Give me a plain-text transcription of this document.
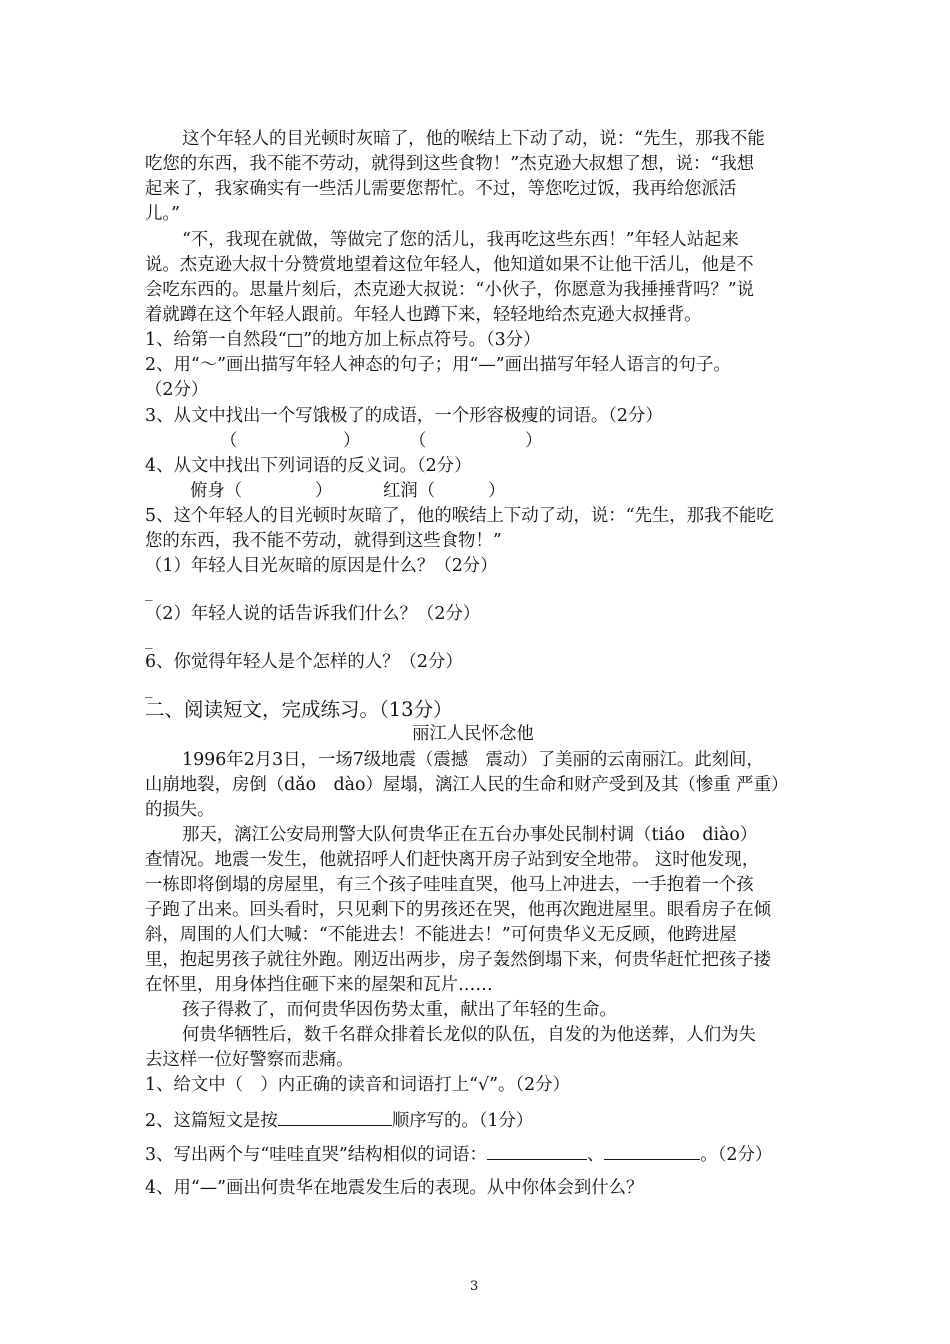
这个年轻人的目光顿时灰暗了，他的喉结上下动了动，说：“先生，那我不能
吃您的东西，我不能不劳动，就得到这些食物！”杰克逊大叔想了想，说：“我想
起来了，我家确实有一些活儿需要您帮忙。不过，等您吃过饭，我再给您派活
儿。”
“不，我现在就做，等做完了您的活儿，我再吃这些东西！”年轻人站起来
说。杰克逊大叔十分赞赏地望着这位年轻人，他知道如果不让他干活儿，他是不
会吃东西的。思量片刻后，杰克逊大叔说：“小伙子，你愿意为我捶捶背吗？”说
着就蹲在这个年轻人跟前。年轻人也蹲下来，轻轻地给杰克逊大叔捶背。
1、给第一自然段“□”的地方加上标点符号。（3分）
2、用“～”画出描写年轻人神态的句子；用“—”画出描写年轻人语言的句子。
（2分）
3、从文中找出一个写饿极了的成语，一个形容极瘦的词语。（2分）
（	）	（	）
4、从文中找出下列词语的反义词。（2分）
俯身（	）	红润（	）
5、这个年轻人的目光顿时灰暗了，他的喉结上下动了动，说：“先生，那我不能吃
您的东西，我不能不劳动，就得到这些食物！”
（1）年轻人目光灰暗的原因是什么？（2分）
_
（2）年轻人说的话告诉我们什么？（2分）
_
6、你觉得年轻人是个怎样的人？（2分）
_
二、阅读短文，完成练习。（13分）
丽江人民怀念他
1996年2月3日，一场7级地震（震撼　震动）了美丽的云南丽江。此刻间，
山崩地裂，房倒（dǎo　dào）屋塌，漓江人民的生命和财产受到及其（惨重 严重）
的损失。
那天，漓江公安局刑警大队何贵华正在五台办事处民制村调（tiáo　diào）
查情况。地震一发生，他就招呼人们赶快离开房子站到安全地带。 这时他发现，
一栋即将倒塌的房屋里，有三个孩子哇哇直哭，他马上冲进去，一手抱着一个孩
子跑了出来。回头看时，只见剩下的男孩还在哭，他再次跑进屋里。眼看房子在倾
斜，周围的人们大喊：“不能进去！不能进去！”可何贵华义无反顾，他跨进屋
里，抱起男孩子就往外跑。刚迈出两步，房子轰然倒塌下来，何贵华赶忙把孩子搂
在怀里，用身体挡住砸下来的屋架和瓦片……
孩子得救了，而何贵华因伤势太重，献出了年轻的生命。
何贵华牺牲后，数千名群众排着长龙似的队伍，自发的为他送葬，人们为失
去这样一位好警察而悲痛。
1、给文中（　）内正确的读音和词语打上“√”。（2分）
2、这篇短文是按	顺序写的。（1分）
3、写出两个与“哇哇直哭”结构相似的词语：	、	。（2分）
4、用“—”画出何贵华在地震发生后的表现。从中你体会到什么？
3
